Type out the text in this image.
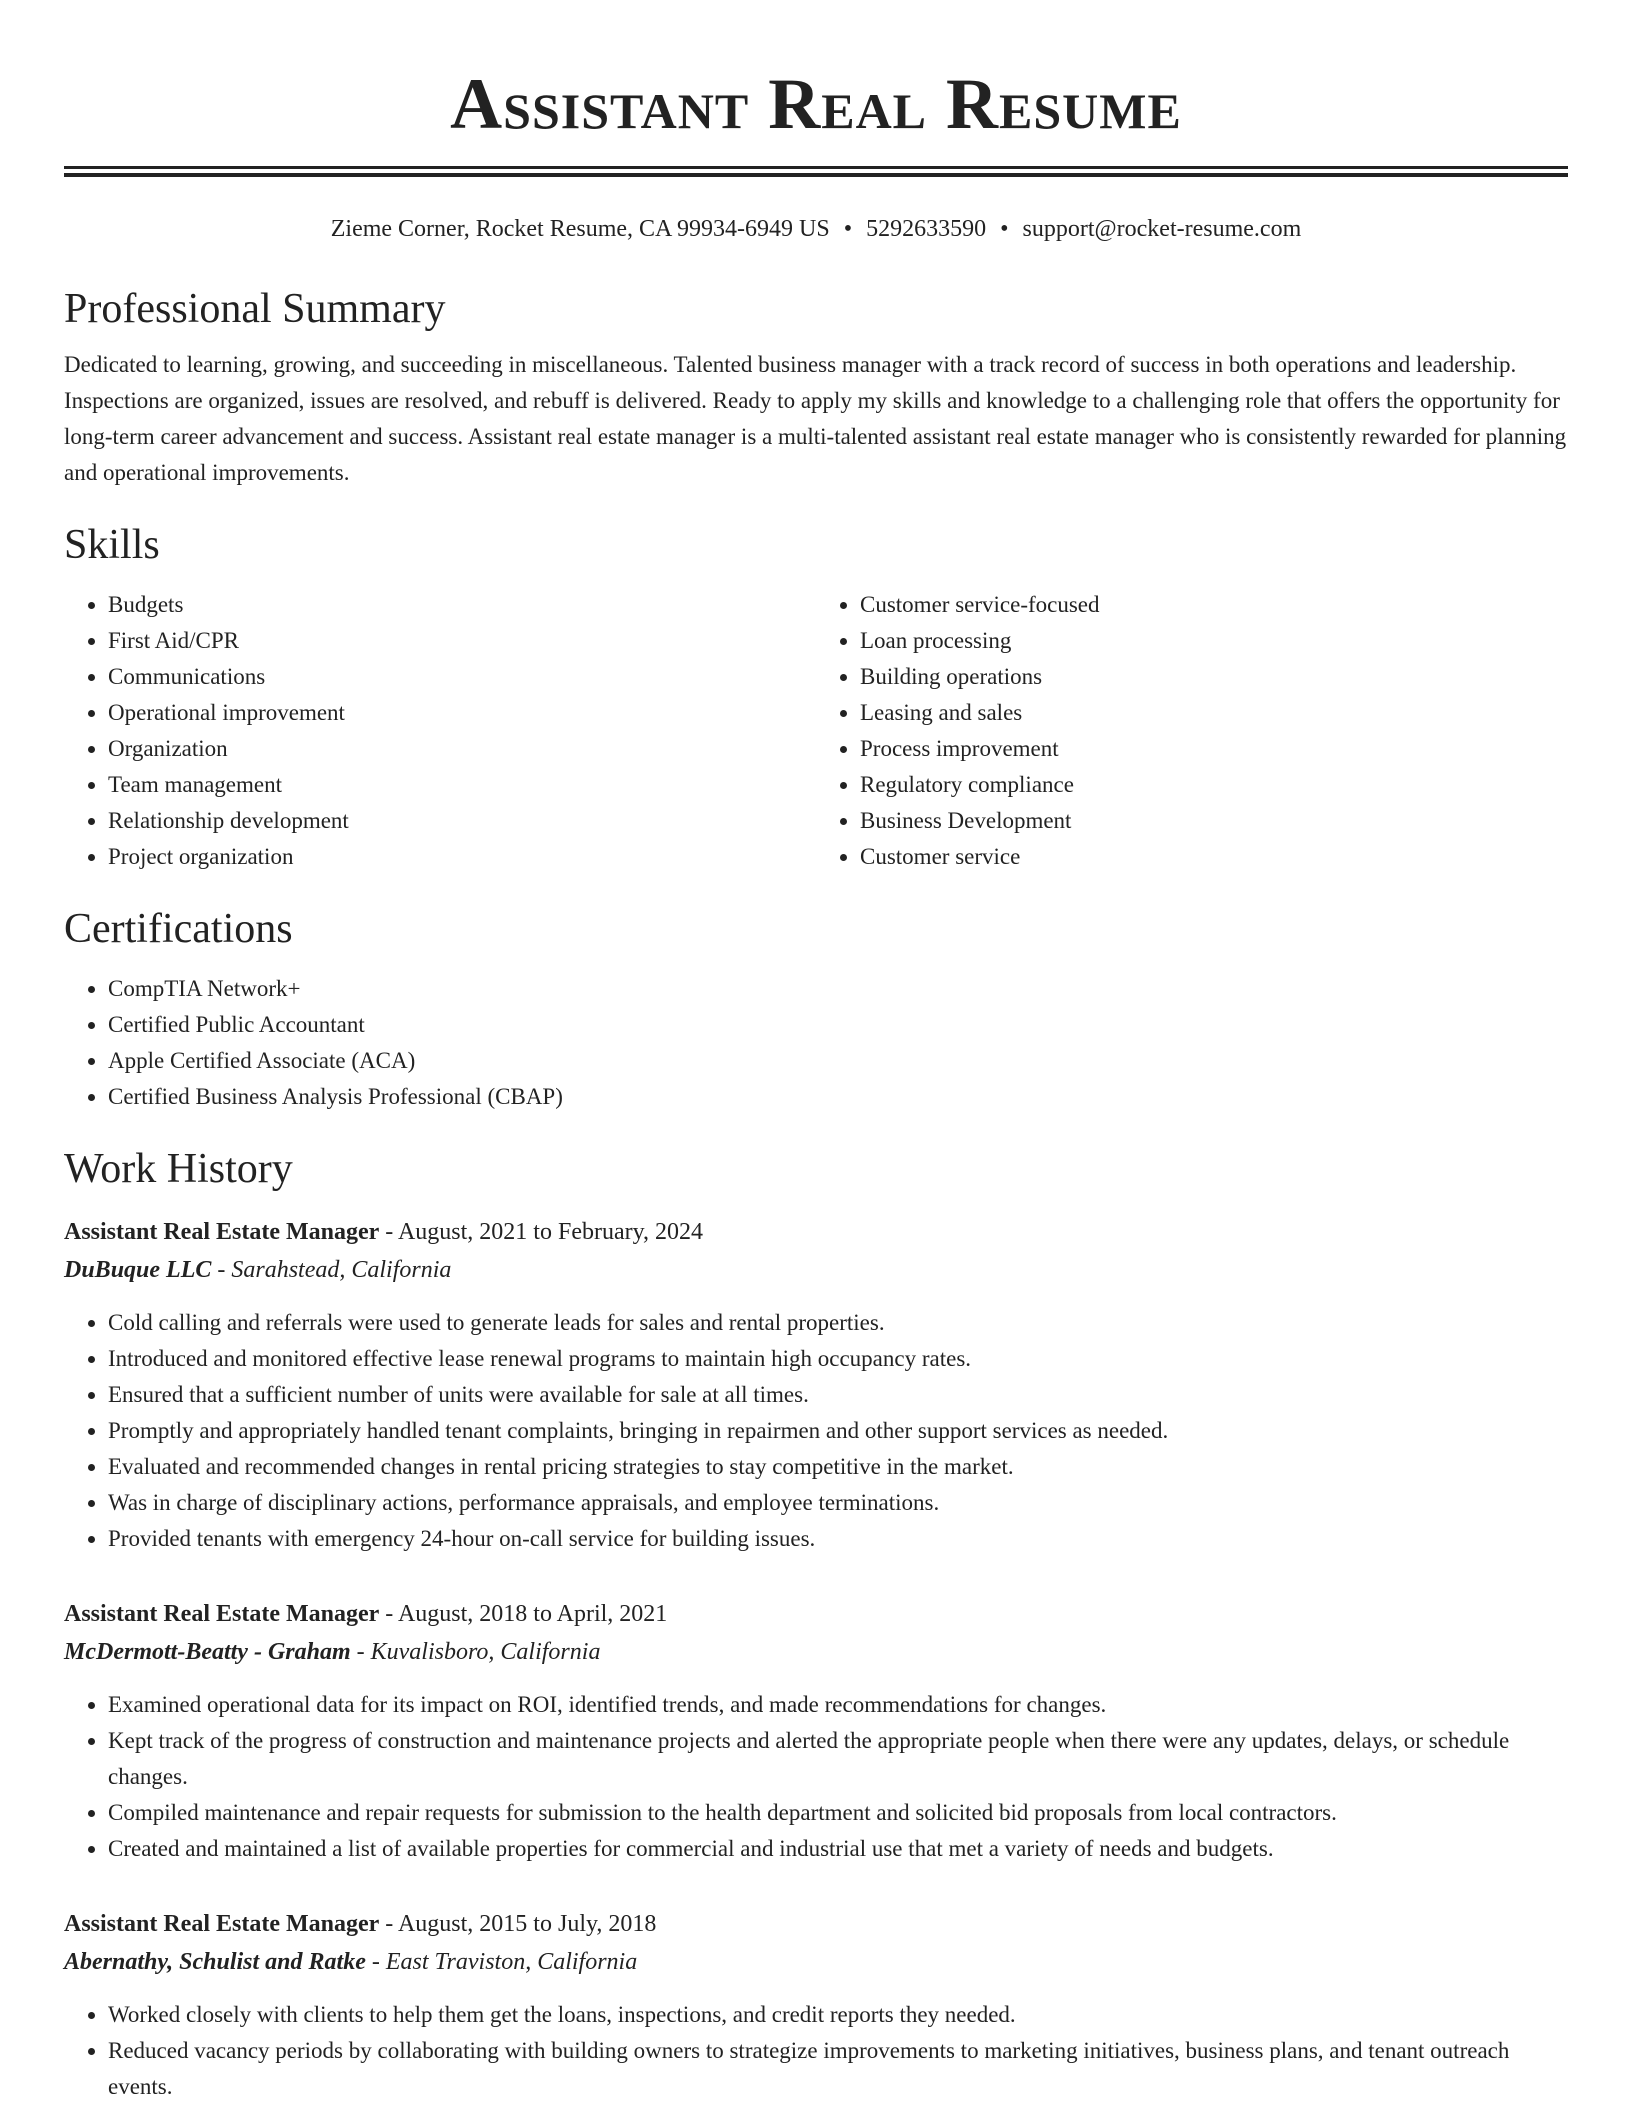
Assistant Real Resume
Zieme Corner, Rocket Resume, CA 99934-6949 US • 5292633590 • support@rocket-resume.com
Professional Summary

Dedicated to learning, growing, and succeeding in miscellaneous. Talented business manager with a track record of success in both operations and leadership. Inspections are organized, issues are resolved, and rebuff is delivered. Ready to apply my skills and knowledge to a challenging role that offers the opportunity for long-term career advancement and success. Assistant real estate manager is a multi-talented assistant real estate manager who is consistently rewarded for planning and operational improvements.

Skills
• Budgets
• First Aid/CPR
• Communications
• Operational improvement
• Organization
• Team management
• Relationship development
• Project organization
• Customer service-focused
• Loan processing
• Building operations
• Leasing and sales
• Process improvement
• Regulatory compliance
• Business Development
• Customer service
Certifications
• CompTIA Network+
• Certified Public Accountant
• Apple Certified Associate (ACA)
• Certified Business Analysis Professional (CBAP)
Work History
Assistant Real Estate Manager - August, 2021 to February, 2024
DuBuque LLC - Sarahstead, California
• Cold calling and referrals were used to generate leads for sales and rental properties.
• Introduced and monitored effective lease renewal programs to maintain high occupancy rates.
• Ensured that a sufficient number of units were available for sale at all times.
• Promptly and appropriately handled tenant complaints, bringing in repairmen and other support services as needed.
• Evaluated and recommended changes in rental pricing strategies to stay competitive in the market.
• Was in charge of disciplinary actions, performance appraisals, and employee terminations.
• Provided tenants with emergency 24-hour on-call service for building issues.
Assistant Real Estate Manager - August, 2018 to April, 2021
McDermott-Beatty - Graham - Kuvalisboro, California
• Examined operational data for its impact on ROI, identified trends, and made recommendations for changes.
• Kept track of the progress of construction and maintenance projects and alerted the appropriate people when there were any updates, delays, or schedule changes.
• Compiled maintenance and repair requests for submission to the health department and solicited bid proposals from local contractors.
• Created and maintained a list of available properties for commercial and industrial use that met a variety of needs and budgets.
Assistant Real Estate Manager - August, 2015 to July, 2018
Abernathy, Schulist and Ratke - East Traviston, California
• Worked closely with clients to help them get the loans, inspections, and credit reports they needed.
• Reduced vacancy periods by collaborating with building owners to strategize improvements to marketing initiatives, business plans, and tenant outreach events.
